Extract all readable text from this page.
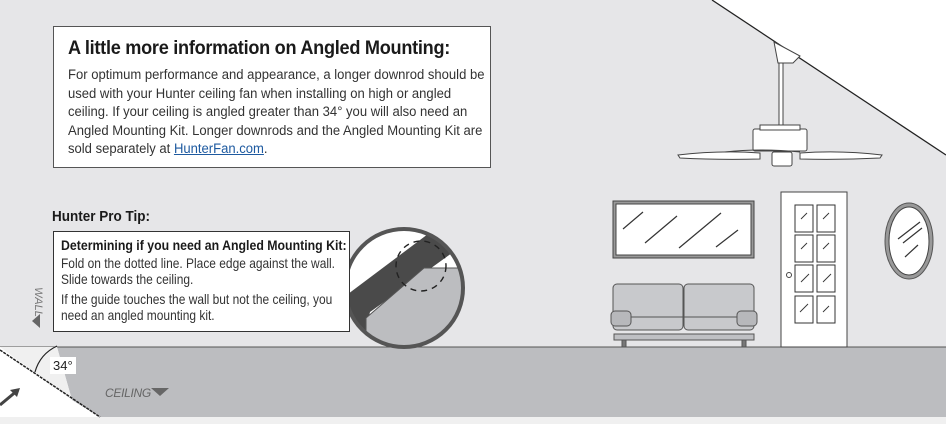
A little more information on Angled Mounting:
For optimum performance and appearance, a longer downrod should be used with your Hunter ceiling fan when installing on high or angled ceiling. If your ceiling is angled greater than 34° you will also need an Angled Mounting Kit. Longer downrods and the Angled Mounting Kit are sold separately at HunterFan.com.
Hunter Pro Tip:
Determining if you need an Angled Mounting Kit:

Fold on the dotted line. Place edge against the wall. Slide towards the ceiling.

If the guide touches the wall but not the ceiling, you need an angled mounting kit.

WALL
CEILING
34°
